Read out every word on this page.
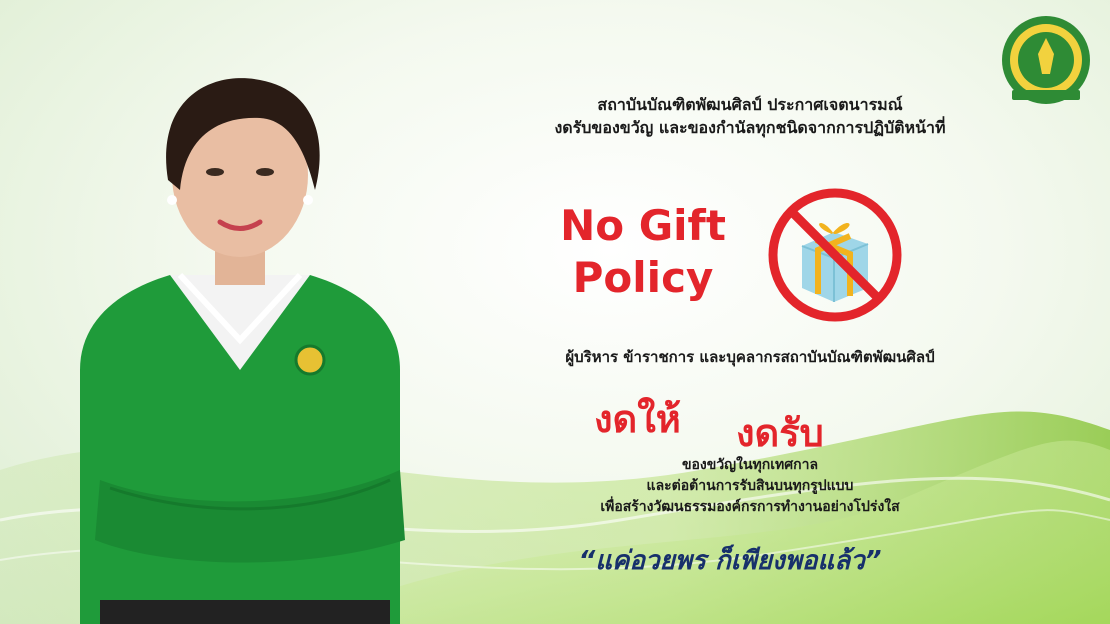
สถาบันบัณฑิตพัฒนศิลป์ ประกาศเจตนารมณ์
งดรับของขวัญ และของกำนัลทุกชนิดจากการปฏิบัติหน้าที่
No Gift
Policy
ผู้บริหาร ข้าราชการ และบุคลากรสถาบันบัณฑิตพัฒนศิลป์
งดให้ งดรับ
ของขวัญในทุกเทศกาล
และต่อต้านการรับสินบนทุกรูปแบบ
เพื่อสร้างวัฒนธรรมองค์กรการทำงานอย่างโปร่งใส
“แค่อวยพร ก็เพียงพอแล้ว”
